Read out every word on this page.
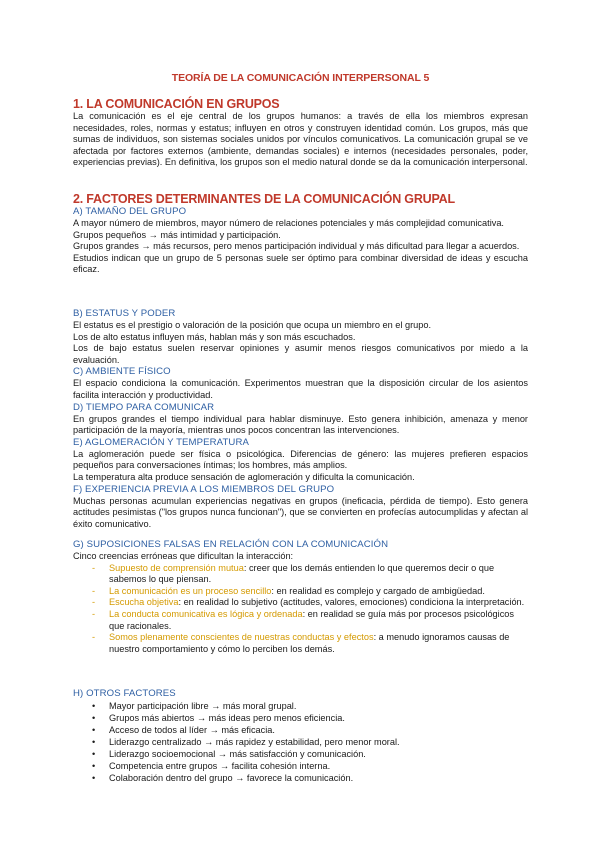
TEORÍA DE LA COMUNICACIÓN INTERPERSONAL 5
1. LA COMUNICACIÓN EN GRUPOS

La comunicación es el eje central de los grupos humanos: a través de ella los miembros expresan necesidades, roles, normas y estatus; influyen en otros y construyen identidad común. Los grupos, más que sumas de individuos, son sistemas sociales unidos por vínculos comunicativos. La comunicación grupal se ve afectada por factores externos (ambiente, demandas sociales) e internos (necesidades personales, poder, experiencias previas). En definitiva, los grupos son el medio natural donde se da la comunicación interpersonal.

2. FACTORES DETERMINANTES DE LA COMUNICACIÓN GRUPAL
A) TAMAÑO DEL GRUPO

A mayor número de miembros, mayor número de relaciones potenciales y más complejidad comunicativa.

Grupos pequeños → más intimidad y participación.

Grupos grandes → más recursos, pero menos participación individual y más dificultad para llegar a acuerdos.

Estudios indican que un grupo de 5 personas suele ser óptimo para combinar diversidad de ideas y escucha eficaz.

B) ESTATUS Y PODER

El estatus es el prestigio o valoración de la posición que ocupa un miembro en el grupo.

Los de alto estatus influyen más, hablan más y son más escuchados.

Los de bajo estatus suelen reservar opiniones y asumir menos riesgos comunicativos por miedo a la evaluación.

C) AMBIENTE FÍSICO

El espacio condiciona la comunicación. Experimentos muestran que la disposición circular de los asientos facilita interacción y productividad.

D) TIEMPO PARA COMUNICAR

En grupos grandes el tiempo individual para hablar disminuye. Esto genera inhibición, amenaza y menor participación de la mayoría, mientras unos pocos concentran las intervenciones.

E) AGLOMERACIÓN Y TEMPERATURA

La aglomeración puede ser física o psicológica. Diferencias de género: las mujeres prefieren espacios pequeños para conversaciones íntimas; los hombres, más amplios.

La temperatura alta produce sensación de aglomeración y dificulta la comunicación.

F) EXPERIENCIA PREVIA A LOS MIEMBROS DEL GRUPO

Muchas personas acumulan experiencias negativas en grupos (ineficacia, pérdida de tiempo). Esto genera actitudes pesimistas ("los grupos nunca funcionan"), que se convierten en profecías autocumplidas y afectan al éxito comunicativo.

G) SUPOSICIONES FALSAS EN RELACIÓN CON LA COMUNICACIÓN

Cinco creencias erróneas que dificultan la interacción:

- Supuesto de comprensión mutua: creer que los demás entienden lo que queremos decir o que sabemos lo que piensan.
- La comunicación es un proceso sencillo: en realidad es complejo y cargado de ambigüedad.
- Escucha objetiva: en realidad lo subjetivo (actitudes, valores, emociones) condiciona la interpretación.
- La conducta comunicativa es lógica y ordenada: en realidad se guía más por procesos psicológicos que racionales.
- Somos plenamente conscientes de nuestras conductas y efectos: a menudo ignoramos causas de nuestro comportamiento y cómo lo perciben los demás.
H) OTROS FACTORES
• Mayor participación libre → más moral grupal.
• Grupos más abiertos → más ideas pero menos eficiencia.
• Acceso de todos al líder → más eficacia.
• Liderazgo centralizado → más rapidez y estabilidad, pero menor moral.
• Liderazgo socioemocional → más satisfacción y comunicación.
• Competencia entre grupos → facilita cohesión interna.
• Colaboración dentro del grupo → favorece la comunicación.
